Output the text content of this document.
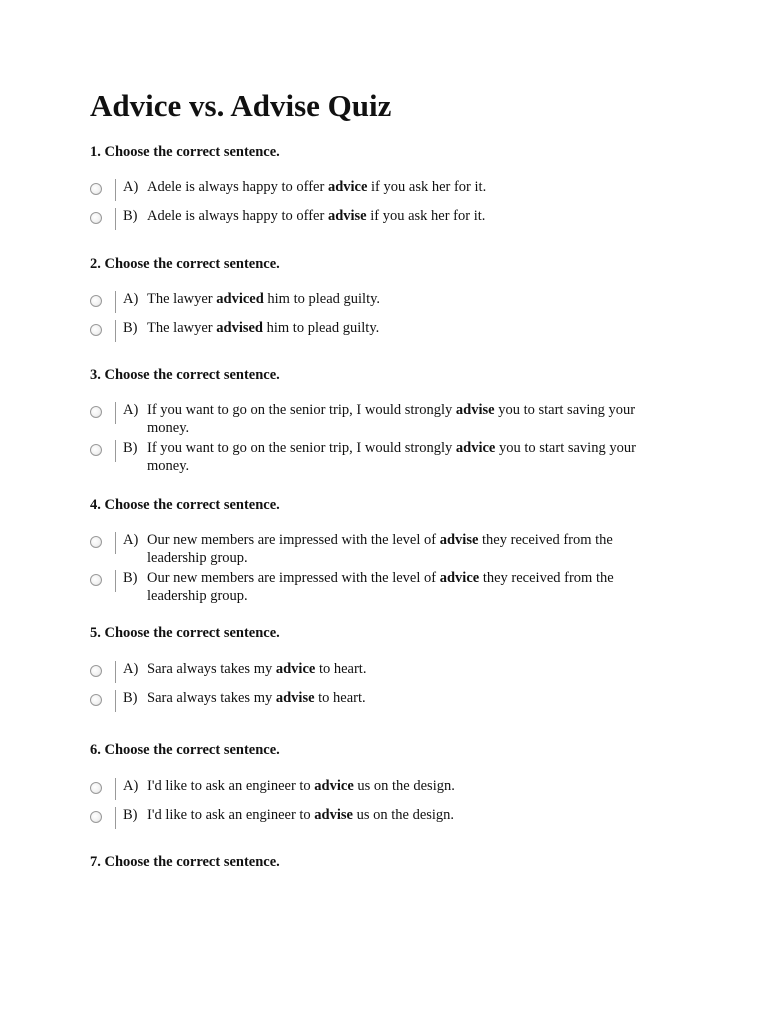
Advice vs. Advise Quiz
1. Choose the correct sentence.
A) Adele is always happy to offer advice if you ask her for it.
B) Adele is always happy to offer advise if you ask her for it.
2. Choose the correct sentence.
A) The lawyer adviced him to plead guilty.
B) The lawyer advised him to plead guilty.
3. Choose the correct sentence.
A) If you want to go on the senior trip, I would strongly advise you to start saving your money.
B) If you want to go on the senior trip, I would strongly advice you to start saving your money.
4. Choose the correct sentence.
A) Our new members are impressed with the level of advise they received from the leadership group.
B) Our new members are impressed with the level of advice they received from the leadership group.
5. Choose the correct sentence.
A) Sara always takes my advice to heart.
B) Sara always takes my advise to heart.
6. Choose the correct sentence.
A) I'd like to ask an engineer to advice us on the design.
B) I'd like to ask an engineer to advise us on the design.
7. Choose the correct sentence.
